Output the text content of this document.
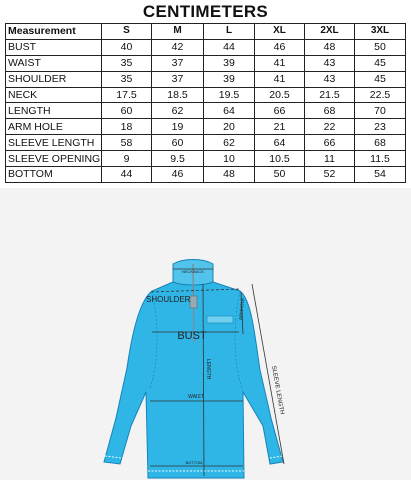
CENTIMETERS
Measurement	S	M	L	XL	2XL	3XL
BUST	40	42	44	46	48	50
WAIST	35	37	39	41	43	45
SHOULDER	35	37	39	41	43	45
NECK	17.5	18.5	19.5	20.5	21.5	22.5
LENGTH	60	62	64	66	68	70
ARM HOLE	18	19	20	21	22	23
SLEEVE LENGTH	58	60	62	64	66	68
SLEEVE OPENING	9	9.5	10	10.5	11	11.5
BOTTOM	44	46	48	50	52	54
NECKBACK
SHOULDER	ARMHOLE
BUST
LENGTH	SLEEVE LENGTH
WAIST
BOTTOM
